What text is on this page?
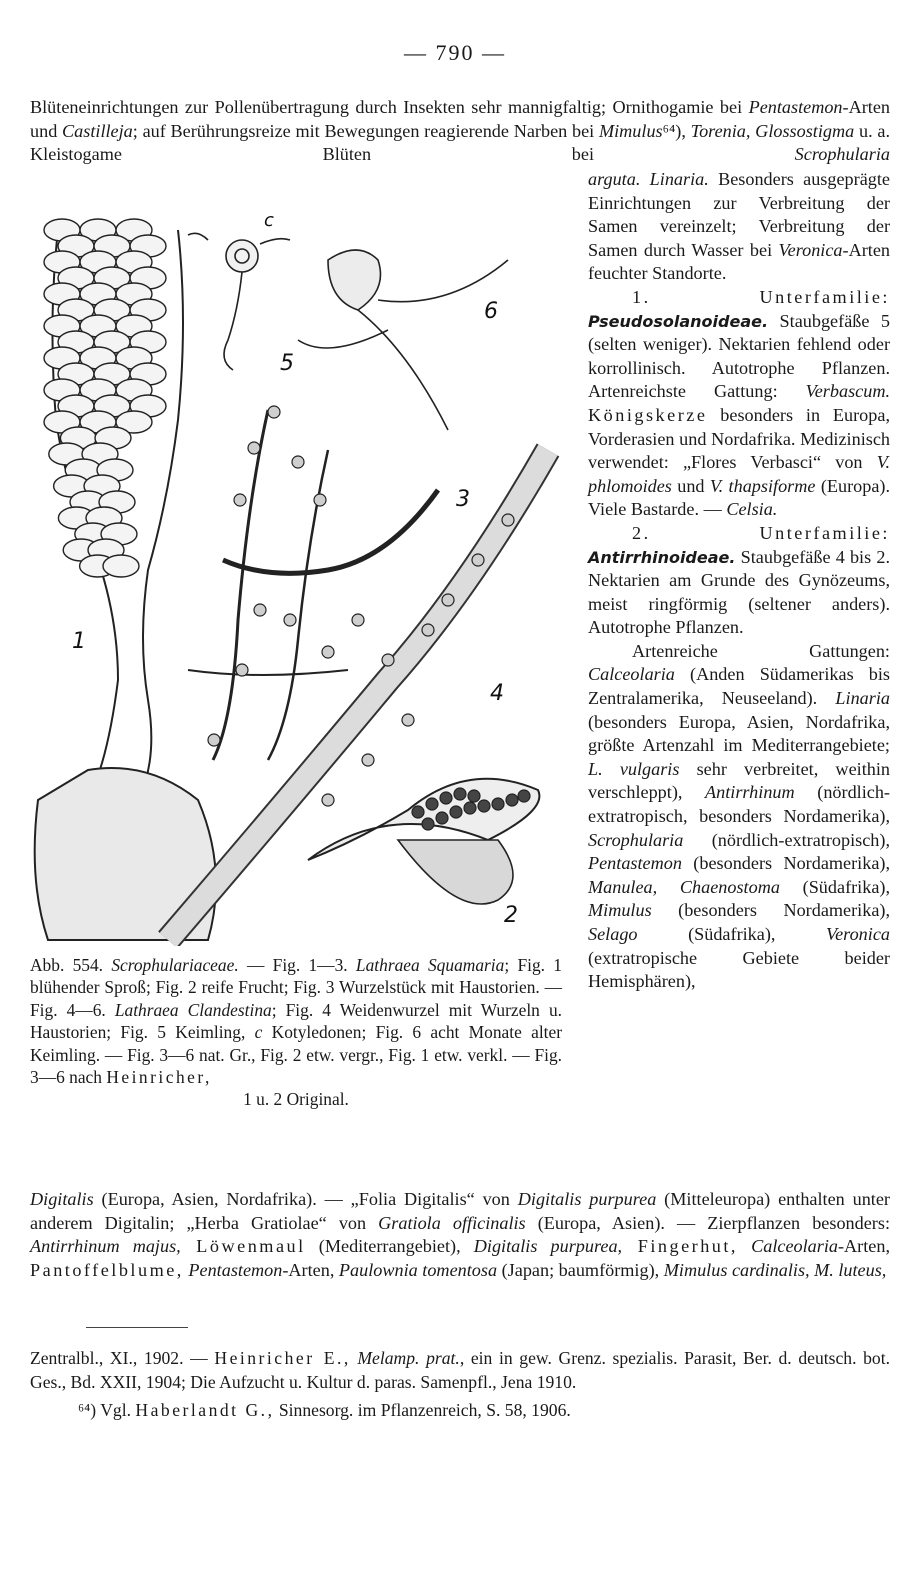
— 790 —
Blüteneinrichtungen zur Pollenübertragung durch Insekten sehr mannigfaltig; Ornithogamie bei Pentastemon-Arten und Castilleja; auf Berührungsreize mit Bewegungen reagierende Narben bei Mimulus⁶⁴), Torenia, Glossostigma u. a. Kleistogame Blüten bei Scrophularia
1
2
3
4
5
6
c

arguta. Linaria. Besonders ausgeprägte Einrichtungen zur Verbreitung der Samen vereinzelt; Verbreitung der Samen durch Wasser bei Veronica-Arten feuchter Standorte.

1. Unterfamilie: Pseudosolanoideae. Staubgefäße 5 (selten weniger). Nektarien fehlend oder korrollinisch. Autotrophe Pflanzen. Artenreichste Gattung: Verbascum. Königskerze besonders in Europa, Vorderasien und Nordafrika. Medizinisch verwendet: „Flores Verbasci“ von V. phlomoides und V. thapsiforme (Europa). Viele Bastarde. — Celsia.

2. Unterfamilie: Antirrhinoideae. Staubgefäße 4 bis 2. Nektarien am Grunde des Gynözeums, meist ringförmig (seltener anders). Autotrophe Pflanzen.

Artenreiche Gattungen: Calceolaria (Anden Südamerikas bis Zentralamerika, Neuseeland). Linaria (besonders Europa, Asien, Nordafrika, größte Artenzahl im Mediterrangebiete; L. vulgaris sehr verbreitet, weithin verschleppt), Antirrhinum (nördlich-extratropisch, besonders Nordamerika), Scrophularia (nördlich-extratropisch), Pentastemon (besonders Nordamerika), Manulea, Chaenostoma (Südafrika), Mimulus (besonders Nordamerika), Selago (Südafrika), Veronica (extratropische Gebiete beider Hemisphären),

Abb. 554. Scrophulariaceae. — Fig. 1—3. Lathraea Squamaria; Fig. 1 blühender Sproß; Fig. 2 reife Frucht; Fig. 3 Wurzelstück mit Haustorien. — Fig. 4—6. Lathraea Clandestina; Fig. 4 Weidenwurzel mit Wurzeln u. Haustorien; Fig. 5 Keimling, c Kotyledonen; Fig. 6 acht Monate alter Keimling. — Fig. 3—6 nat. Gr., Fig. 2 etw. vergr., Fig. 1 etw. verkl. — Fig. 3—6 nach Heinricher,
1 u. 2 Original.
Digitalis (Europa, Asien, Nordafrika). — „Folia Digitalis“ von Digitalis purpurea (Mitteleuropa) enthalten unter anderem Digitalin; „Herba Gratiolae“ von Gratiola officinalis (Europa, Asien). — Zierpflanzen besonders: Antirrhinum majus, Löwenmaul (Mediterrangebiet), Digitalis purpurea, Fingerhut, Calceolaria-Arten, Pantoffelblume, Pentastemon-Arten, Paulownia tomentosa (Japan; baumförmig), Mimulus cardinalis, M. luteus,

Zentralbl., XI., 1902. — Heinricher E., Melamp. prat., ein in gew. Grenz. spezialis. Parasit, Ber. d. deutsch. bot. Ges., Bd. XXII, 1904; Die Aufzucht u. Kultur d. paras. Samenpfl., Jena 1910.

⁶⁴) Vgl. Haberlandt G., Sinnesorg. im Pflanzenreich, S. 58, 1906.
